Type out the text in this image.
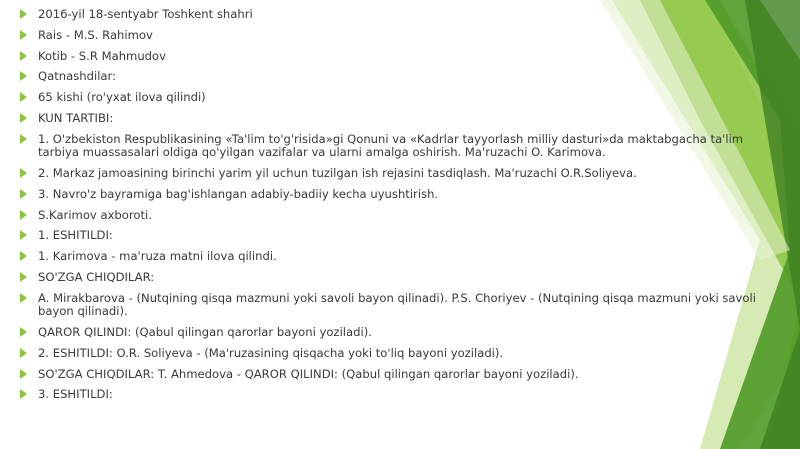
2016-yil 18-sentyabr Toshkent shahri
Rais - M.S. Rahimov
Kotib - S.R Mahmudov
Qatnashdilar:
65 kishi (ro'yxat ilova qilindi)
KUN TARTIBI:
1. O'zbekiston Respublikasining «Ta'lim to'g'risida»gi Qonuni va «Kadrlar tayyorlash milliy dasturi»da maktabgacha ta'lim tarbiya muassasalari oldiga qo'yilgan vazifalar va ularni amalga oshirish. Ma'ruzachi O. Karimova.
2. Markaz jamoasining birinchi yarim yil uchun tuzilgan ish rejasini tasdiqlash. Ma'ruzachi O.R.Soliyeva.
3. Navro'z bayramiga bag'ishlangan adabiy-badiiy kecha uyushtirish.
S.Karimov axboroti.
1. ESHITILDI:
1. Karimova - ma'ruza matni ilova qilindi.
SO'ZGA CHIQDILAR:
A. Mirakbarova - (Nutqining qisqa mazmuni yoki savoli bayon qilinadi). P.S. Choriyev - (Nutqining qisqa mazmuni yoki savoli bayon qilinadi).
QAROR QILINDI: (Qabul qilingan qarorlar bayoni yoziladi).
2. ESHITILDI: O.R. Soliyeva - (Ma'ruzasining qisqacha yoki to'liq bayoni yoziladi).
SO'ZGA CHIQDILAR: T. Ahmedova - QAROR QILINDI: (Qabul qilingan qarorlar bayoni yoziladi).
3. ESHITILDI:
